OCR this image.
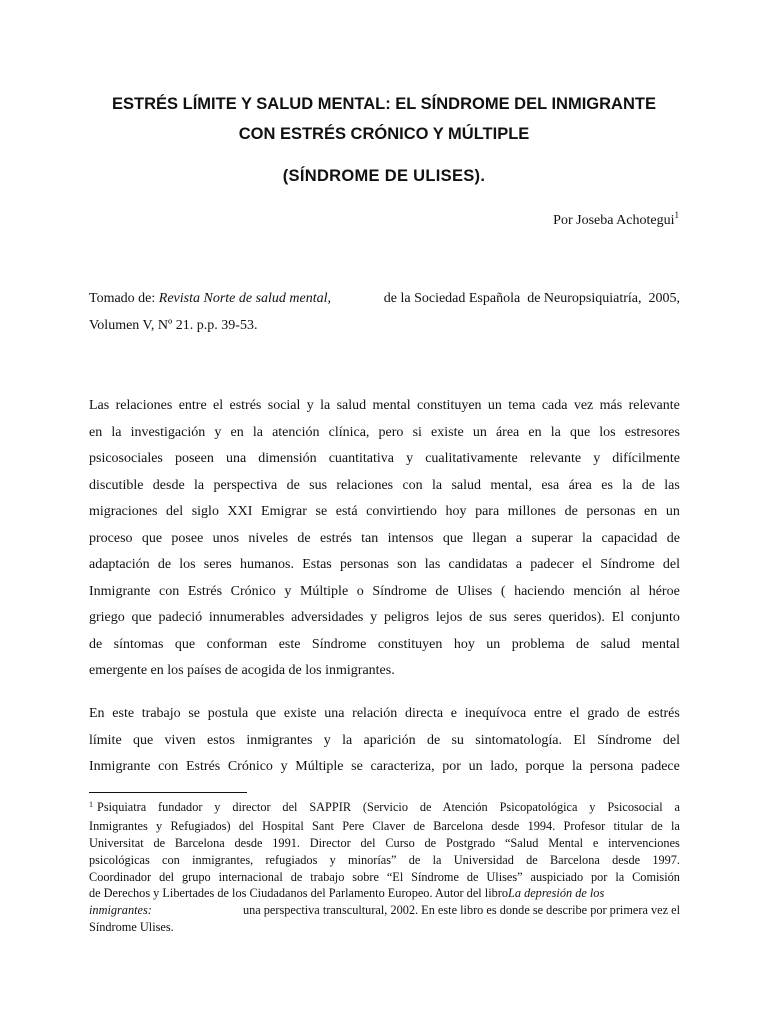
ESTRÉS LÍMITE Y SALUD MENTAL: EL SÍNDROME DEL INMIGRANTE
CON ESTRÉS CRÓNICO Y MÚLTIPLE
(SÍNDROME DE ULISES).
Por Joseba Achotegui$^1$
Tomado de: Revista Norte de salud mental,	de la Sociedad Española  de Neuropsiquiatría,  2005,
Volumen V, Nº 21. p.p. 39-53.
Las relaciones entre el estrés social y la salud mental constituyen un tema cada vez más relevante
en la investigación y en la atención clínica, pero si existe un área en la que los estresores
psicosociales poseen una dimensión cuantitativa y cualitativamente relevante y difícilmente
discutible desde la perspectiva de sus relaciones con la salud mental, esa área es la de las
migraciones del siglo XXI Emigrar se está convirtiendo hoy para millones de personas en un
proceso que posee unos niveles de estrés tan intensos que llegan a superar la capacidad de
adaptación de los seres humanos. Estas personas son las candidatas a padecer el Síndrome del
Inmigrante con Estrés Crónico y Múltiple o Síndrome de Ulises ( haciendo mención al héroe
griego que padeció innumerables adversidades y peligros lejos de sus seres queridos). El conjunto
de síntomas que conforman este Síndrome constituyen hoy un problema de salud mental
emergente en los países de acogida de los inmigrantes.
En este trabajo se postula que existe una relación directa e inequívoca entre el grado de estrés
límite que viven estos inmigrantes y la aparición de su sintomatología. El Síndrome del
Inmigrante con Estrés Crónico y Múltiple se caracteriza, por un lado, porque la persona padece
$^1$ Psiquiatra fundador y director del SAPPIR (Servicio de Atención Psicopatológica y Psicosocial a
Inmigrantes y Refugiados) del Hospital Sant Pere Claver de Barcelona desde 1994. Profesor titular de la
Universitat de Barcelona desde 1991. Director del Curso de Postgrado “Salud Mental e intervenciones
psicológicas con inmigrantes, refugiados y minorías” de la Universidad de Barcelona desde 1997.
Coordinador del grupo internacional de trabajo sobre “El Síndrome de Ulises” auspiciado por la Comisión
de Derechos y Libertades de los Ciudadanos del Parlamento Europeo. Autor del libro La depresión de los
inmigrantes:	una perspectiva transcultural, 2002. En este libro es donde se describe por primera vez el
Síndrome Ulises.
